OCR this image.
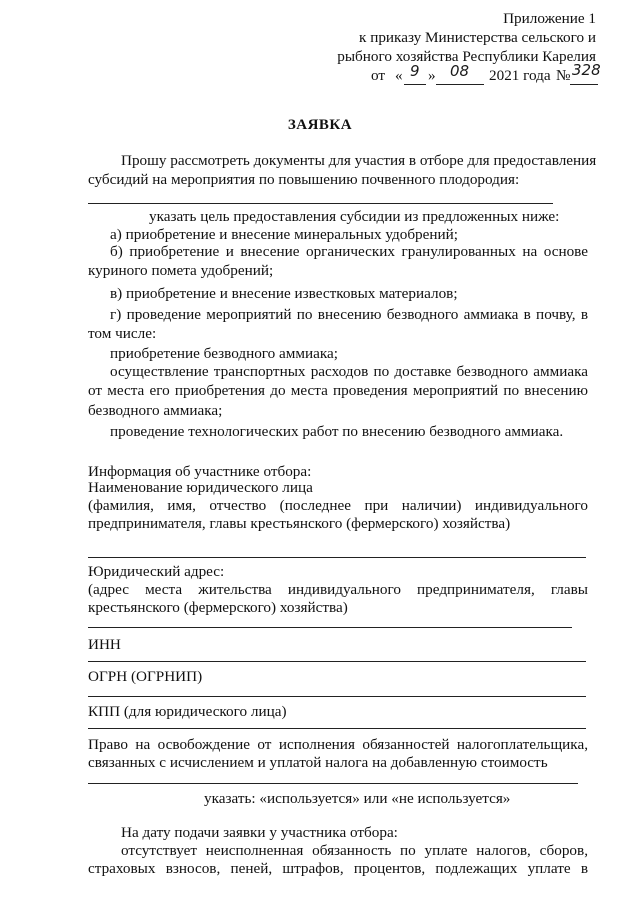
Приложение 1
к приказу Министерства сельского и
рыбного хозяйства Республики Карелия
от « 9 » 08 2021 года № 328
ЗАЯВКА
Прошу рассмотреть документы для участия в отборе для предоставления
субсидий на мероприятия по повышению почвенного плодородия:
указать цель предоставления субсидии из предложенных ниже:
а) приобретение и внесение минеральных удобрений;
б) приобретение и внесение органических гранулированных на основе
куриного помета удобрений;
в) приобретение и внесение известковых материалов;
г) проведение мероприятий по внесению безводного аммиака в почву, в
том числе:
приобретение безводного аммиака;
осуществление транспортных расходов по доставке безводного аммиака
от места его приобретения до места проведения мероприятий по внесению
безводного аммиака;
проведение технологических работ по внесению безводного аммиака.
Информация об участнике отбора:
Наименование юридического лица
(фамилия, имя, отчество (последнее при наличии) индивидуального
предпринимателя, главы крестьянского (фермерского) хозяйства)
Юридический адрес:
(адрес места жительства индивидуального предпринимателя, главы
крестьянского (фермерского) хозяйства)
ИНН
ОГРН (ОГРНИП)
КПП (для юридического лица)
Право на освобождение от исполнения обязанностей налогоплательщика,
связанных с исчислением и уплатой налога на добавленную стоимость
указать: «используется» или «не используется»
На дату подачи заявки у участника отбора:
отсутствует неисполненная обязанность по уплате налогов, сборов,
страховых взносов, пеней, штрафов, процентов, подлежащих уплате в
